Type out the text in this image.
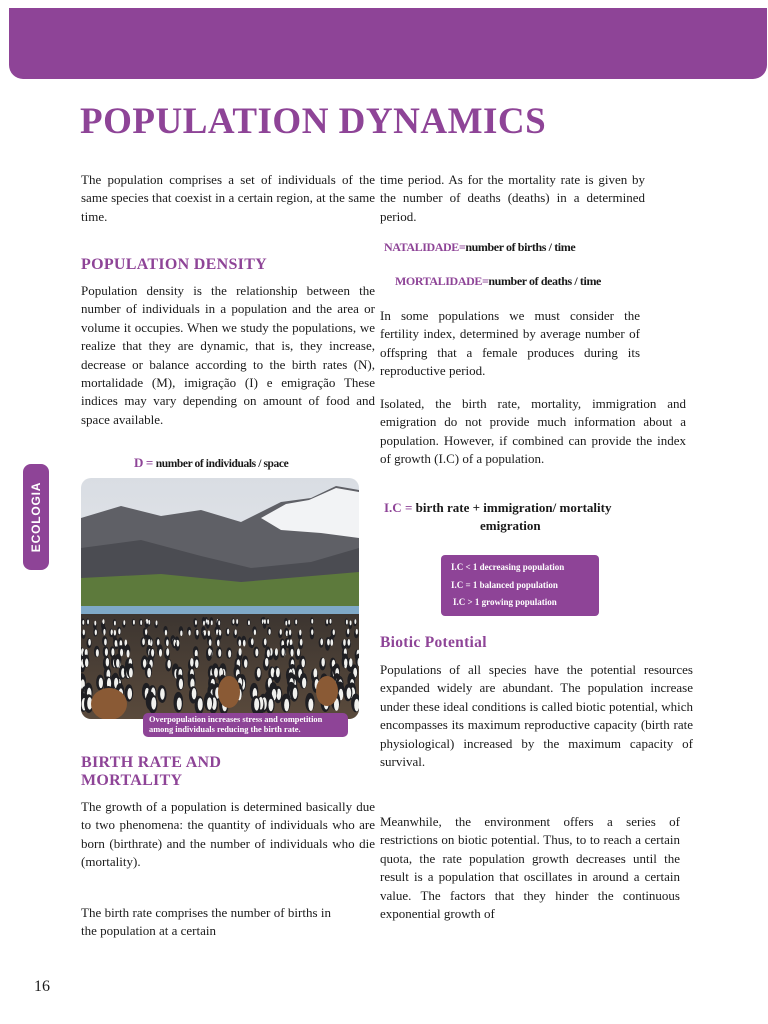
POPULATION DYNAMICS

The population comprises a set of individuals of the same species that coexist in a certain region, at the same time.

time period. As for the mortality rate is given by the number of deaths (deaths) in a determined period.

POPULATION DENSITY

Population density is the relationship between the number of individuals in a population and the area or volume it occupies. When we study the populations, we realize that they are dynamic, that is, they increase, decrease or balance according to the birth rates (N), mortalidade (M), imigração (I) e emigração These indices may vary depending on amount of food and space available.

D = number of individuals / space
ECOLOGIA
Overpopulation increases stress and competition among individuals reducing the birth rate.
BIRTH RATE AND MORTALITY

The growth of a population is determined basically due to two phenomena: the quantity of individuals who are born (birthrate) and the number of individuals who die (mortality).

The birth rate comprises the number of births in the population at a certain

NATALIDADE=number of births / time
MORTALIDADE=number of deaths / time

In some populations we must consider the fertility index, determined by average number of offspring that a female produces during its reproductive period.

Isolated, the birth rate, mortality, immigration and emigration do not provide much information about a population. However, if combined can provide the index of growth (I.C) of a population.

I.C = birth rate + immigration/ mortality
emigration
I.C < 1 decreasing population
I.C = 1 balanced population
I.C > 1 growing population
Biotic Potential

Populations of all species have the potential resources expanded widely are abundant. The population increase under these ideal conditions is called biotic potential, which encompasses its maximum reproductive capacity (birth rate physiological) increased by the maximum capacity of survival.

Meanwhile, the environment offers a series of restrictions on biotic potential. Thus, to to reach a certain quota, the rate population growth decreases until the result is a population that oscillates in around a certain value. The factors that they hinder the continuous exponential growth of

16
